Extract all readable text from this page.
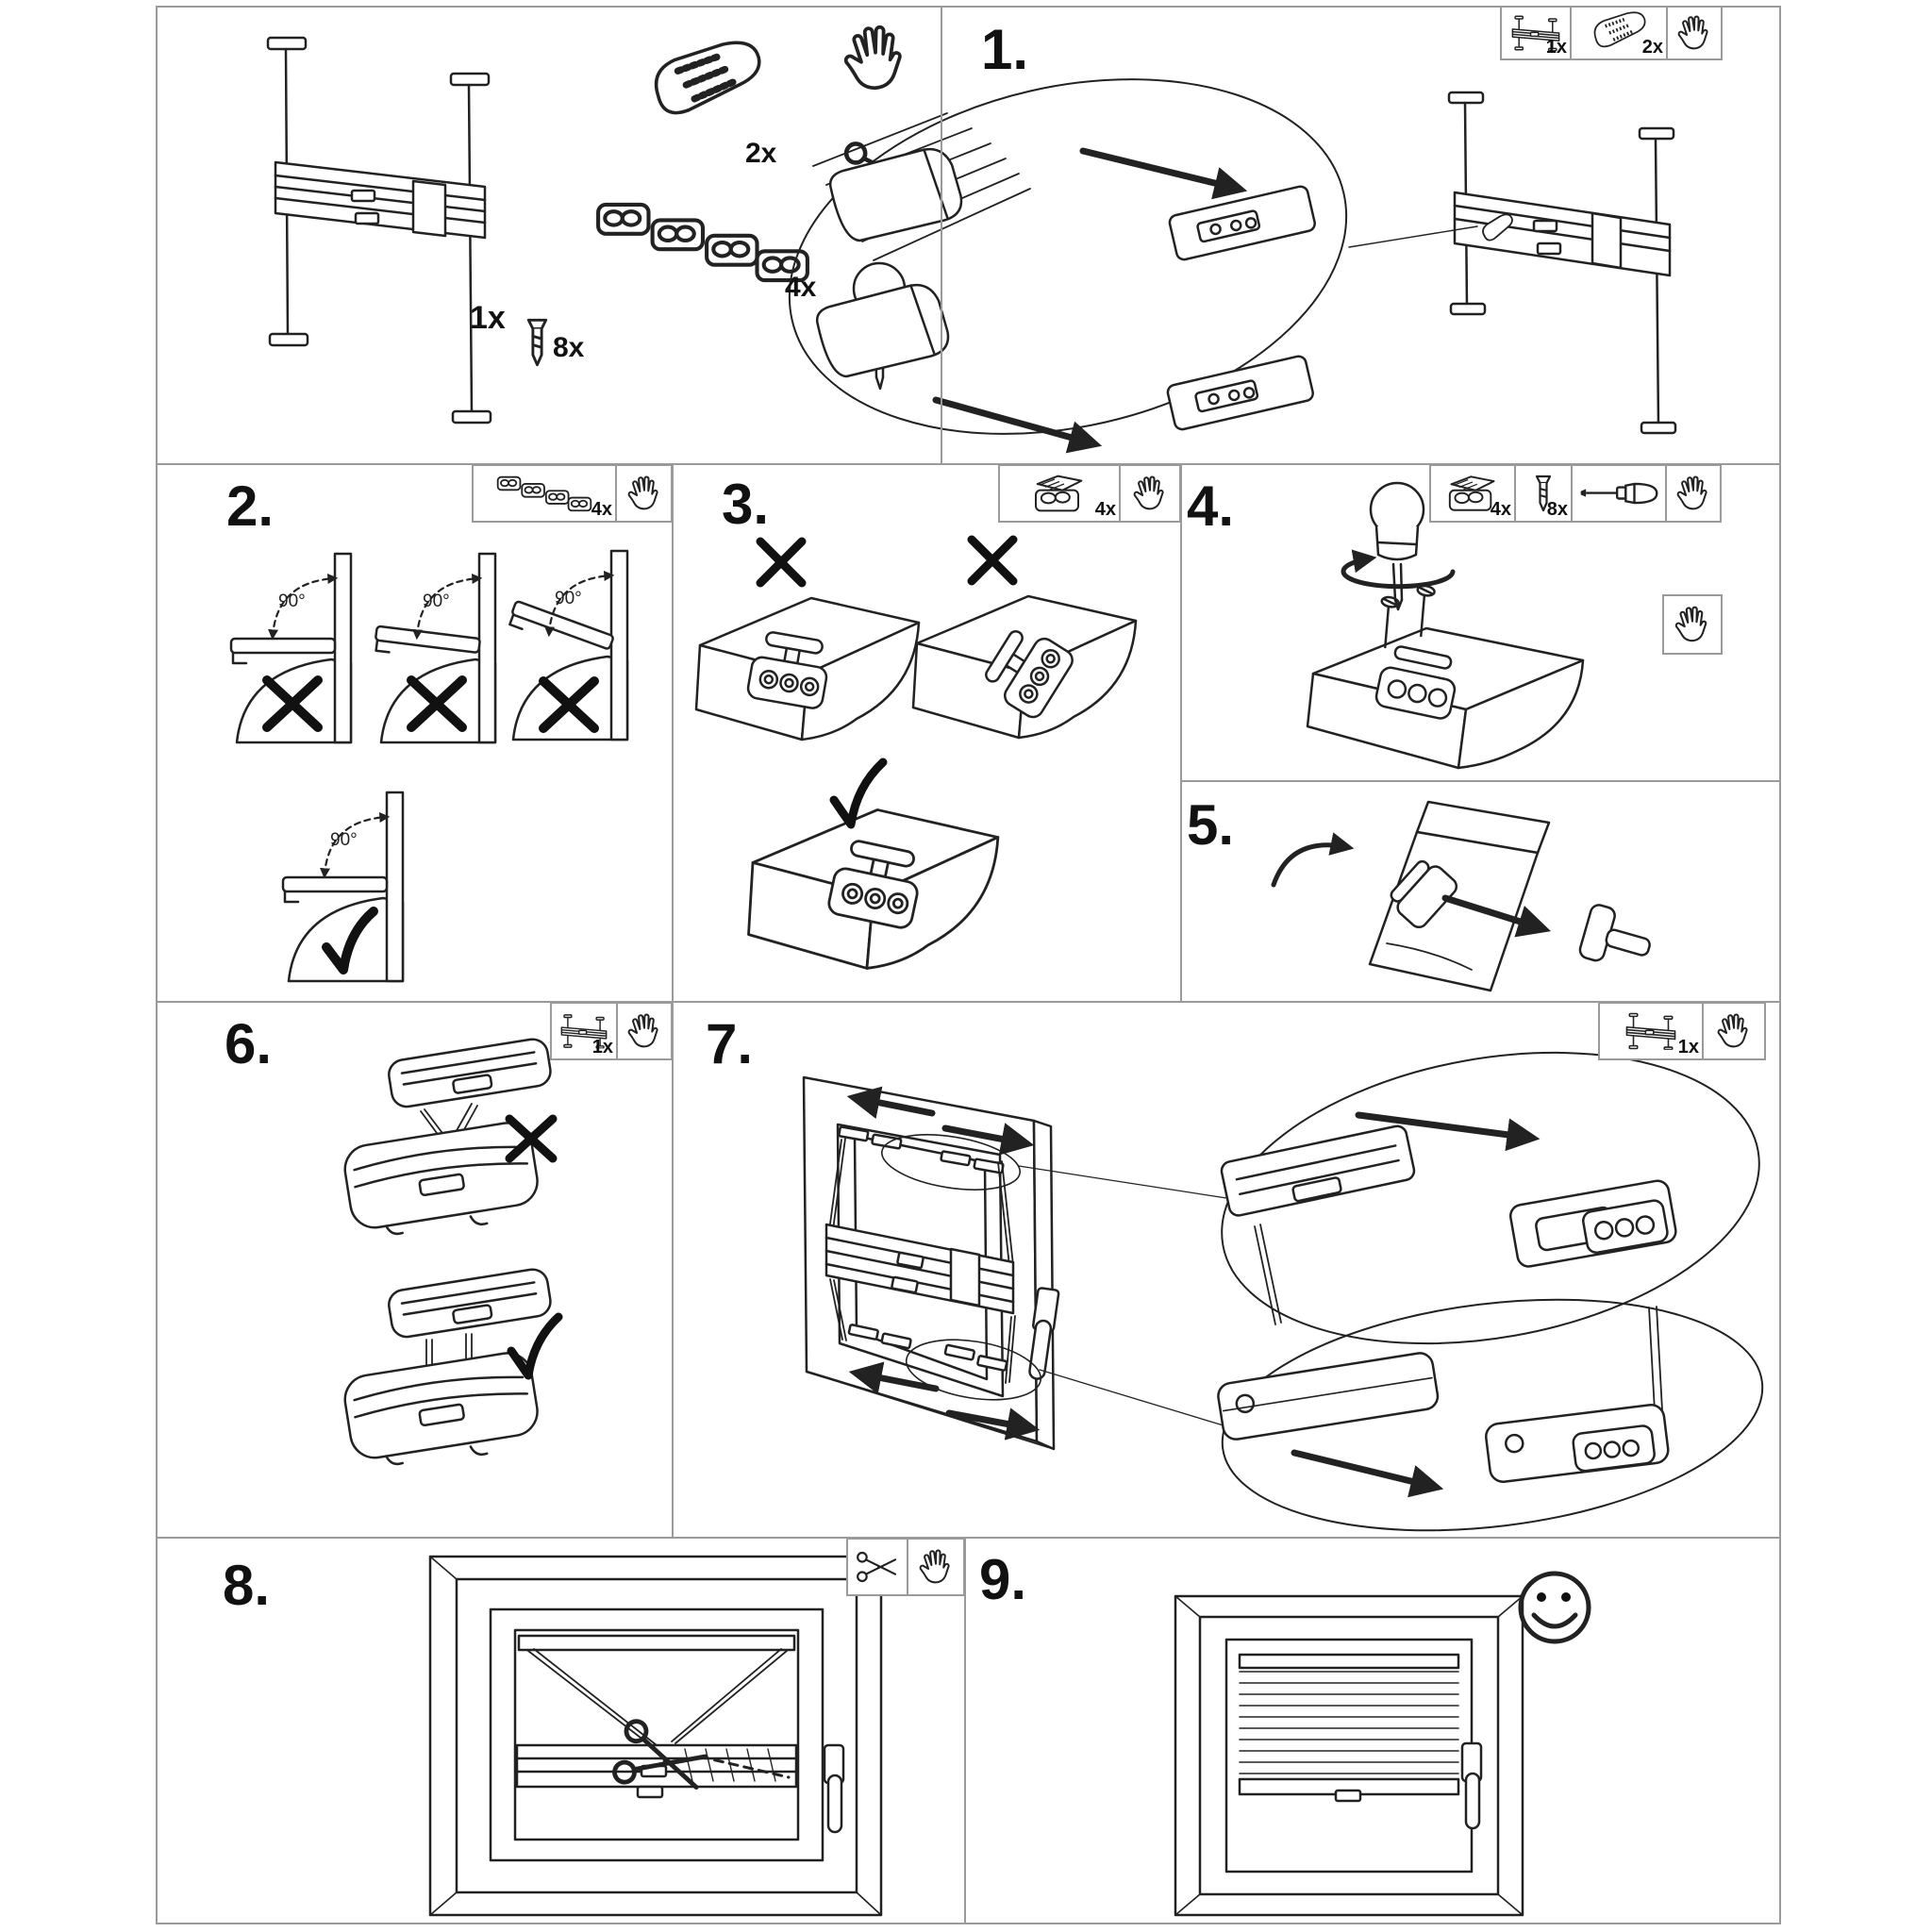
1.
2.	3.	4.
5.
6.	7.
8.	9.
1x
2x
4x
8x
90°	90°	90°
90°
1x	2x
4x	4x	4x 8x
1x	1x
